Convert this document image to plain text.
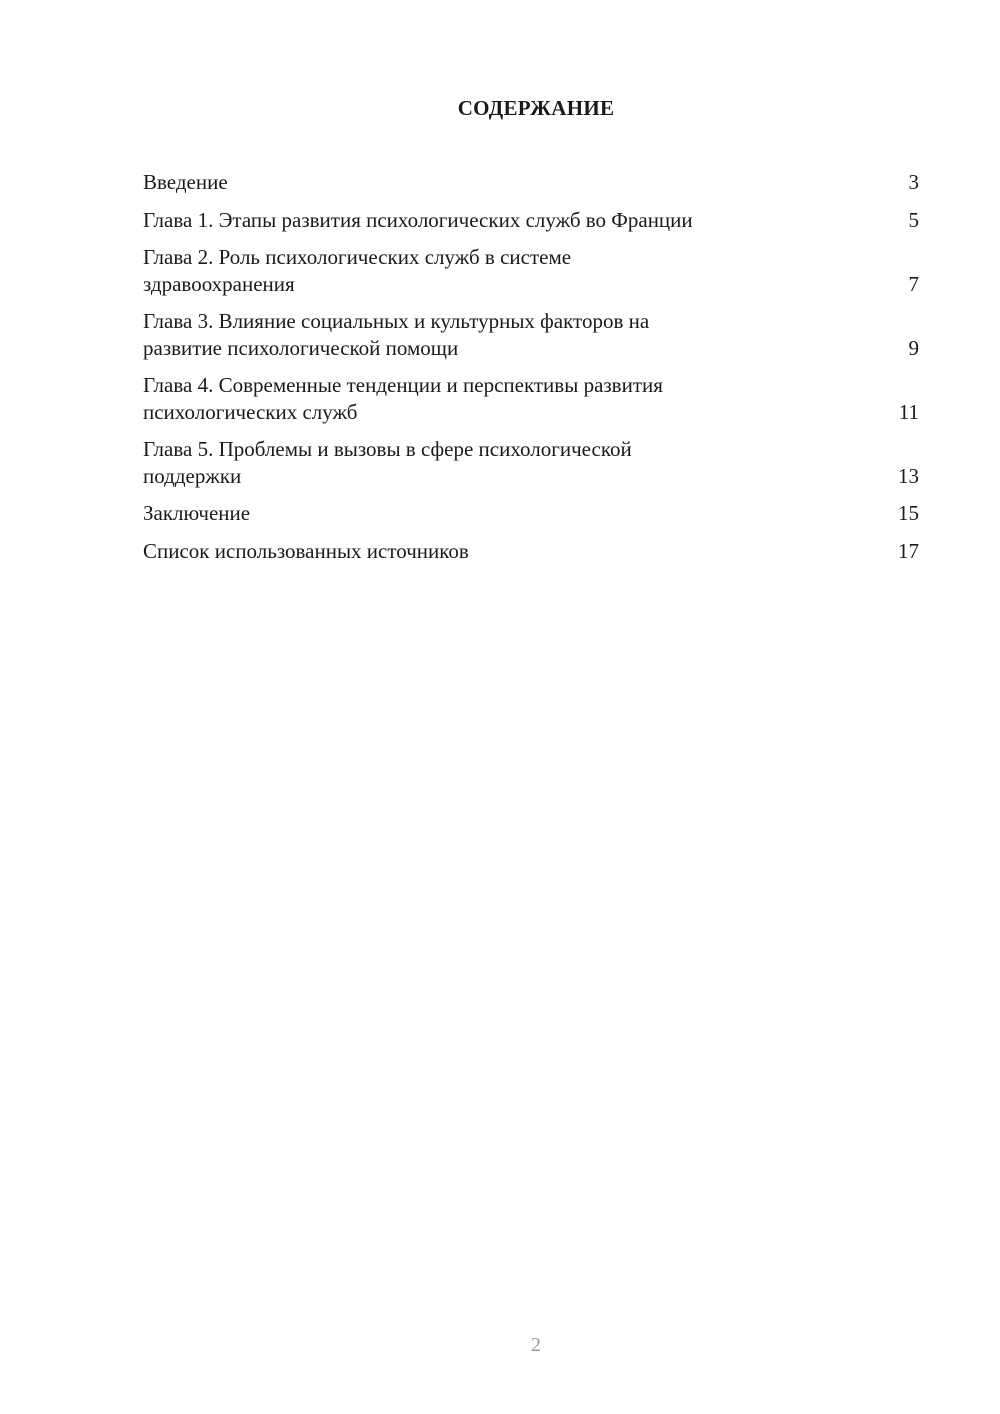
СОДЕРЖАНИЕ
Введение	3
Глава 1. Этапы развития психологических служб во Франции	5
Глава 2. Роль психологических служб в системе
здравоохранения	7
Глава 3. Влияние социальных и культурных факторов на
развитие психологической помощи	9
Глава 4. Современные тенденции и перспективы развития
психологических служб	11
Глава 5. Проблемы и вызовы в сфере психологической
поддержки	13
Заключение	15
Список использованных источников	17
2
